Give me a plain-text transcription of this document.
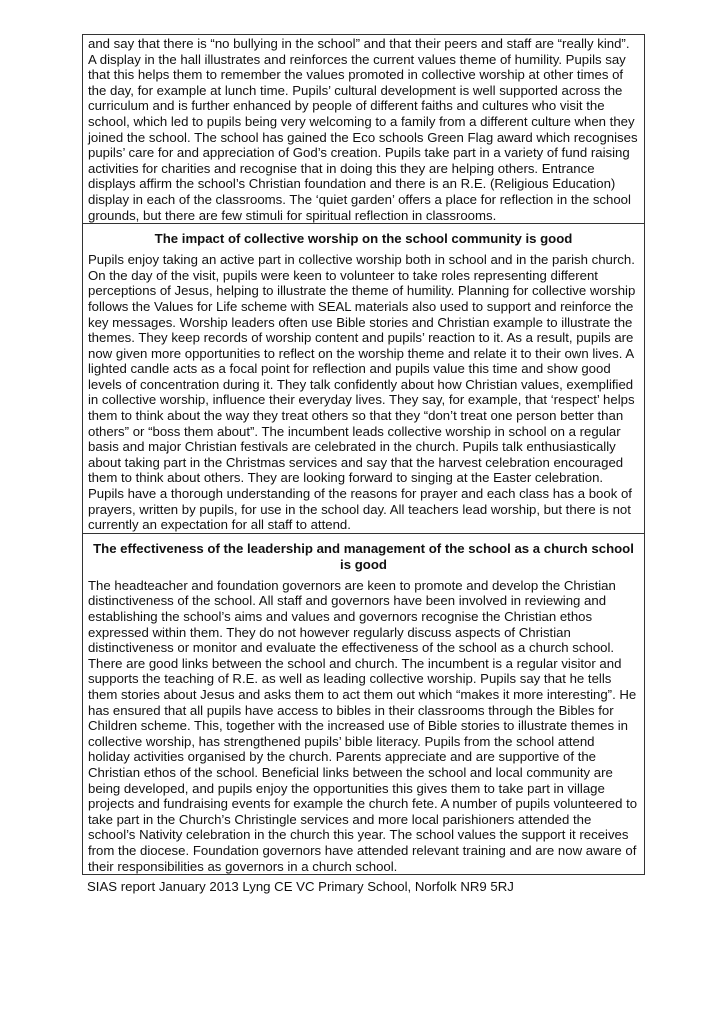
and say that there is “no bullying in the school” and that their peers and staff are “really kind”. A display in the hall illustrates and reinforces the current values theme of humility. Pupils say that this helps them to remember the values promoted in collective worship at other times of the day, for example at lunch time. Pupils’ cultural development is well supported across the curriculum and is further enhanced by people of different faiths and cultures who visit the school, which led to pupils being very welcoming to a family from a different culture when they joined the school. The school has gained the Eco schools Green Flag award which recognises pupils’ care for and appreciation of God’s creation. Pupils take part in a variety of fund raising activities for charities and recognise that in doing this they are helping others. Entrance displays affirm the school’s Christian foundation and there is an R.E. (Religious Education) display in each of the classrooms. The ‘quiet garden’ offers a place for reflection in the school grounds, but there are few stimuli for spiritual reflection in classrooms.

The impact of collective worship on the school community is good

Pupils enjoy taking an active part in collective worship both in school and in the parish church. On the day of the visit, pupils were keen to volunteer to take roles representing different perceptions of Jesus, helping to illustrate the theme of humility. Planning for collective worship follows the Values for Life scheme with SEAL materials also used to support and reinforce the key messages. Worship leaders often use Bible stories and Christian example to illustrate the themes. They keep records of worship content and pupils’ reaction to it. As a result, pupils are now given more opportunities to reflect on the worship theme and relate it to their own lives. A lighted candle acts as a focal point for reflection and pupils value this time and show good levels of concentration during it. They talk confidently about how Christian values, exemplified in collective worship, influence their everyday lives. They say, for example, that ‘respect’ helps them to think about the way they treat others so that they “don’t treat one person better than others” or “boss them about”. The incumbent leads collective worship in school on a regular basis and major Christian festivals are celebrated in the church. Pupils talk enthusiastically about taking part in the Christmas services and say that the harvest celebration encouraged them to think about others. They are looking forward to singing at the Easter celebration. Pupils have a thorough understanding of the reasons for prayer and each class has a book of prayers, written by pupils, for use in the school day. All teachers lead worship, but there is not currently an expectation for all staff to attend.

The effectiveness of the leadership and management of the school as a church school is good

The headteacher and foundation governors are keen to promote and develop the Christian distinctiveness of the school. All staff and governors have been involved in reviewing and establishing the school’s aims and values and governors recognise the Christian ethos expressed within them. They do not however regularly discuss aspects of Christian distinctiveness or monitor and evaluate the effectiveness of the school as a church school. There are good links between the school and church. The incumbent is a regular visitor and supports the teaching of R.E. as well as leading collective worship. Pupils say that he tells them stories about Jesus and asks them to act them out which “makes it more interesting”. He has ensured that all pupils have access to bibles in their classrooms through the Bibles for Children scheme. This, together with the increased use of Bible stories to illustrate themes in collective worship, has strengthened pupils’ bible literacy. Pupils from the school attend holiday activities organised by the church. Parents appreciate and are supportive of the Christian ethos of the school. Beneficial links between the school and local community are being developed, and pupils enjoy the opportunities this gives them to take part in village projects and fundraising events for example the church fete. A number of pupils volunteered to take part in the Church’s Christingle services and more local parishioners attended the school’s Nativity celebration in the church this year. The school values the support it receives from the diocese. Foundation governors have attended relevant training and are now aware of their responsibilities as governors in a church school.

SIAS report January 2013 Lyng CE VC Primary School, Norfolk NR9 5RJ
